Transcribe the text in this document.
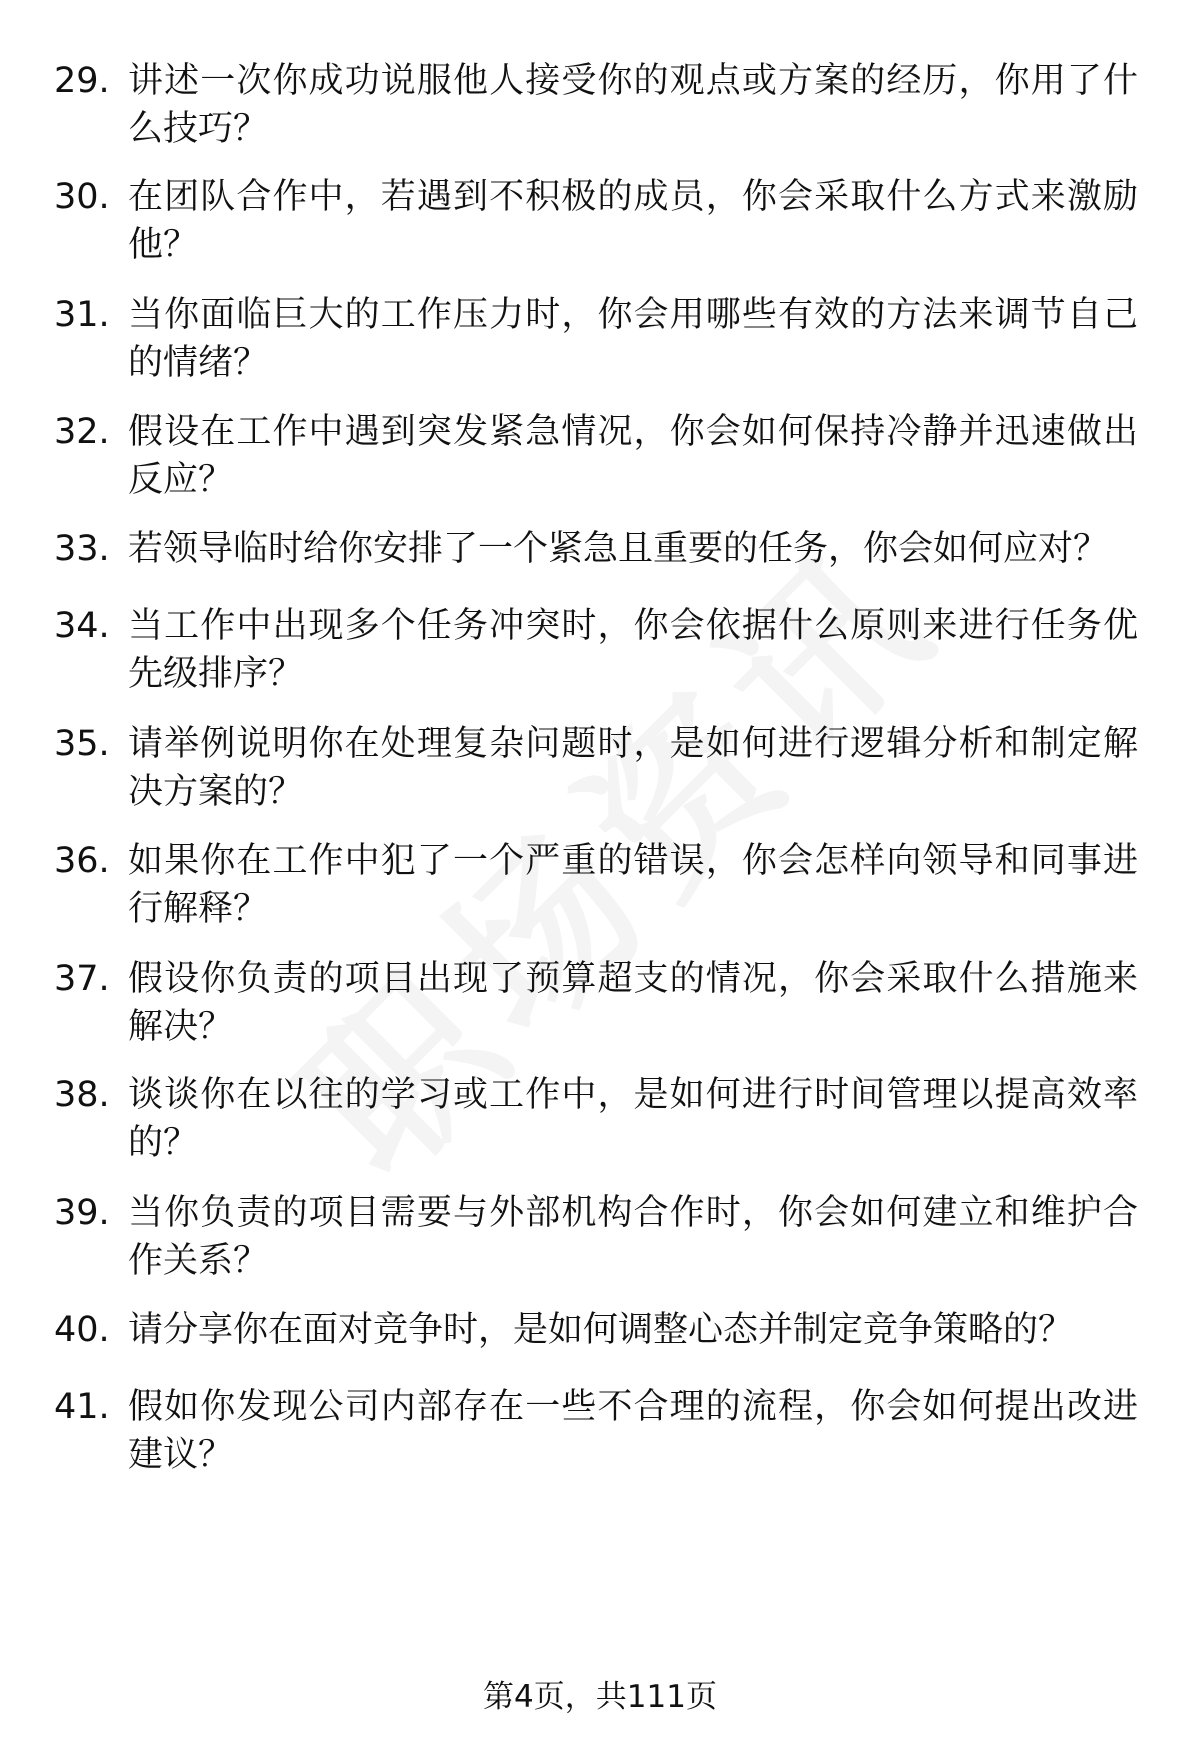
29. 讲述一次你成功说服他人接受你的观点或方案的经历，你用了什么技巧？
30. 在团队合作中，若遇到不积极的成员，你会采取什么方式来激励他？
31. 当你面临巨大的工作压力时，你会用哪些有效的方法来调节自己的情绪？
32. 假设在工作中遇到突发紧急情况，你会如何保持冷静并迅速做出反应？
33. 若领导临时给你安排了一个紧急且重要的任务，你会如何应对？
34. 当工作中出现多个任务冲突时，你会依据什么原则来进行任务优先级排序？
35. 请举例说明你在处理复杂问题时，是如何进行逻辑分析和制定解决方案的？
36. 如果你在工作中犯了一个严重的错误，你会怎样向领导和同事进行解释？
37. 假设你负责的项目出现了预算超支的情况，你会采取什么措施来解决？
38. 谈谈你在以往的学习或工作中，是如何进行时间管理以提高效率的？
39. 当你负责的项目需要与外部机构合作时，你会如何建立和维护合作关系？
40. 请分享你在面对竞争时，是如何调整心态并制定竞争策略的？
41. 假如你发现公司内部存在一些不合理的流程，你会如何提出改进建议？
第4页，共111页
